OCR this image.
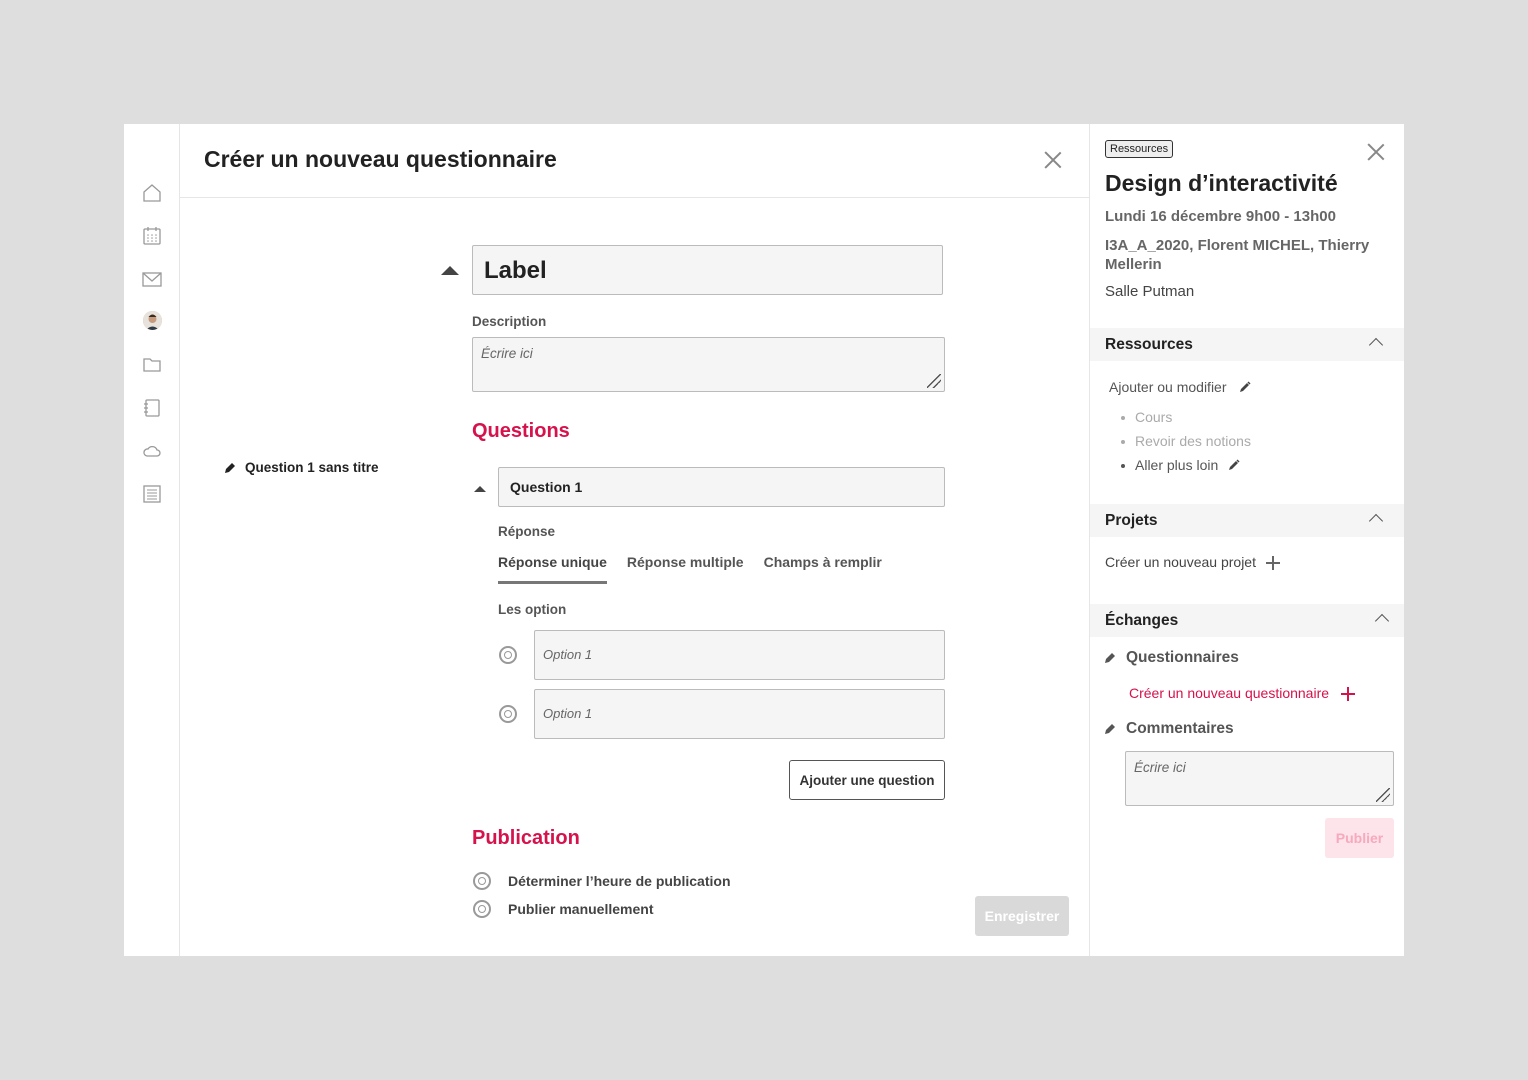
Créer un nouveau questionnaire
Label
Description
Écrire ici
Questions
Question 1 sans titre
Question 1
Réponse
Réponse unique Réponse multiple Champs à remplir
Les option
Option 1
Option 1
Ajouter une question
Publication
Déterminer l’heure de publication
Publier manuellement	Enregistrer
Ressources
Design d’interactivité
Lundi 16 décembre 9h00 - 13h00
I3A_A_2020, Florent MICHEL, Thierry Mellerin
Salle Putman
Ressources
Ajouter ou modifier
Cours
Revoir des notions
Aller plus loin
Projets
Créer un nouveau projet
Échanges
Questionnaires
Créer un nouveau questionnaire
Commentaires
Écrire ici
Publier
